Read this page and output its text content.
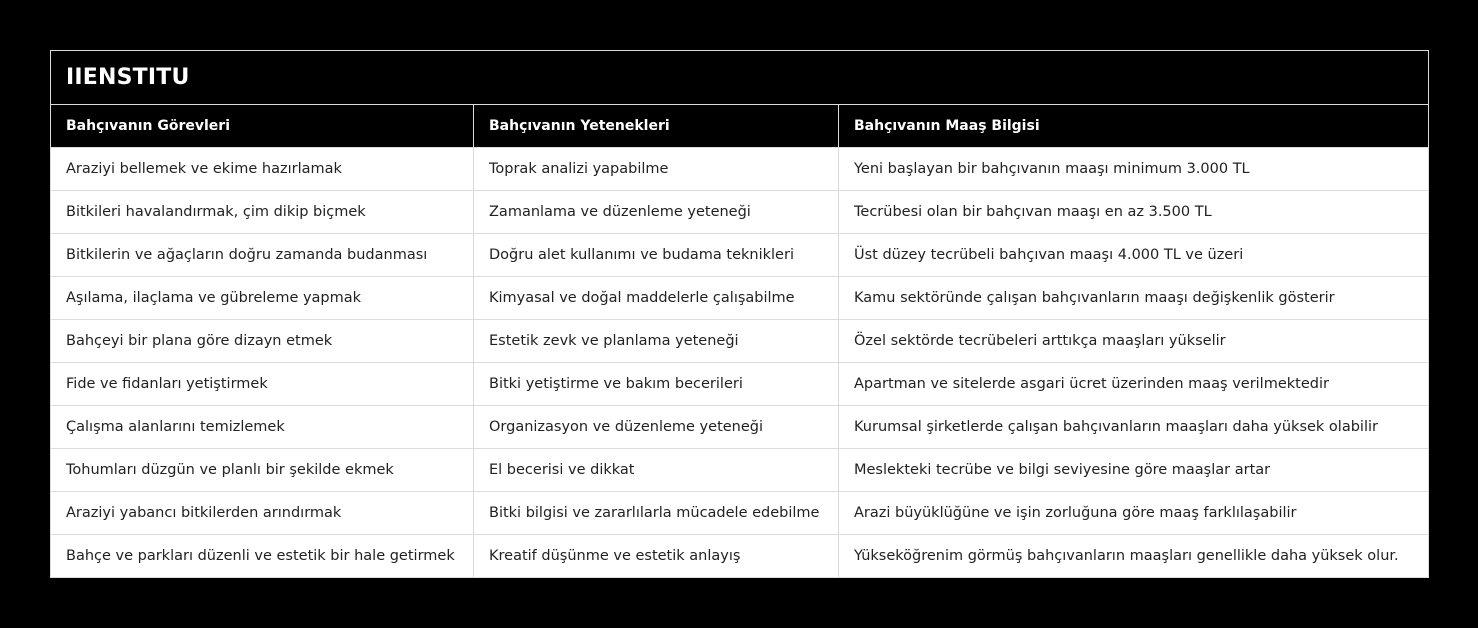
IIENSTITU		
Bahçıvanın Görevleri	Bahçıvanın Yetenekleri	Bahçıvanın Maaş Bilgisi
Araziyi bellemek ve ekime hazırlamak	Toprak analizi yapabilme	Yeni başlayan bir bahçıvanın maaşı minimum 3.000 TL
Bitkileri havalandırmak, çim dikip biçmek	Zamanlama ve düzenleme yeteneği	Tecrübesi olan bir bahçıvan maaşı en az 3.500 TL
Bitkilerin ve ağaçların doğru zamanda budanması	Doğru alet kullanımı ve budama teknikleri	Üst düzey tecrübeli bahçıvan maaşı 4.000 TL ve üzeri
Aşılama, ilaçlama ve gübreleme yapmak	Kimyasal ve doğal maddelerle çalışabilme	Kamu sektöründe çalışan bahçıvanların maaşı değişkenlik gösterir
Bahçeyi bir plana göre dizayn etmek	Estetik zevk ve planlama yeteneği	Özel sektörde tecrübeleri arttıkça maaşları yükselir
Fide ve fidanları yetiştirmek	Bitki yetiştirme ve bakım becerileri	Apartman ve sitelerde asgari ücret üzerinden maaş verilmektedir
Çalışma alanlarını temizlemek	Organizasyon ve düzenleme yeteneği	Kurumsal şirketlerde çalışan bahçıvanların maaşları daha yüksek olabilir
Tohumları düzgün ve planlı bir şekilde ekmek	El becerisi ve dikkat	Meslekteki tecrübe ve bilgi seviyesine göre maaşlar artar
Araziyi yabancı bitkilerden arındırmak	Bitki bilgisi ve zararlılarla mücadele edebilme	Arazi büyüklüğüne ve işin zorluğuna göre maaş farklılaşabilir
Bahçe ve parkları düzenli ve estetik bir hale getirmek	Kreatif düşünme ve estetik anlayış	Yükseköğrenim görmüş bahçıvanların maaşları genellikle daha yüksek olur.
